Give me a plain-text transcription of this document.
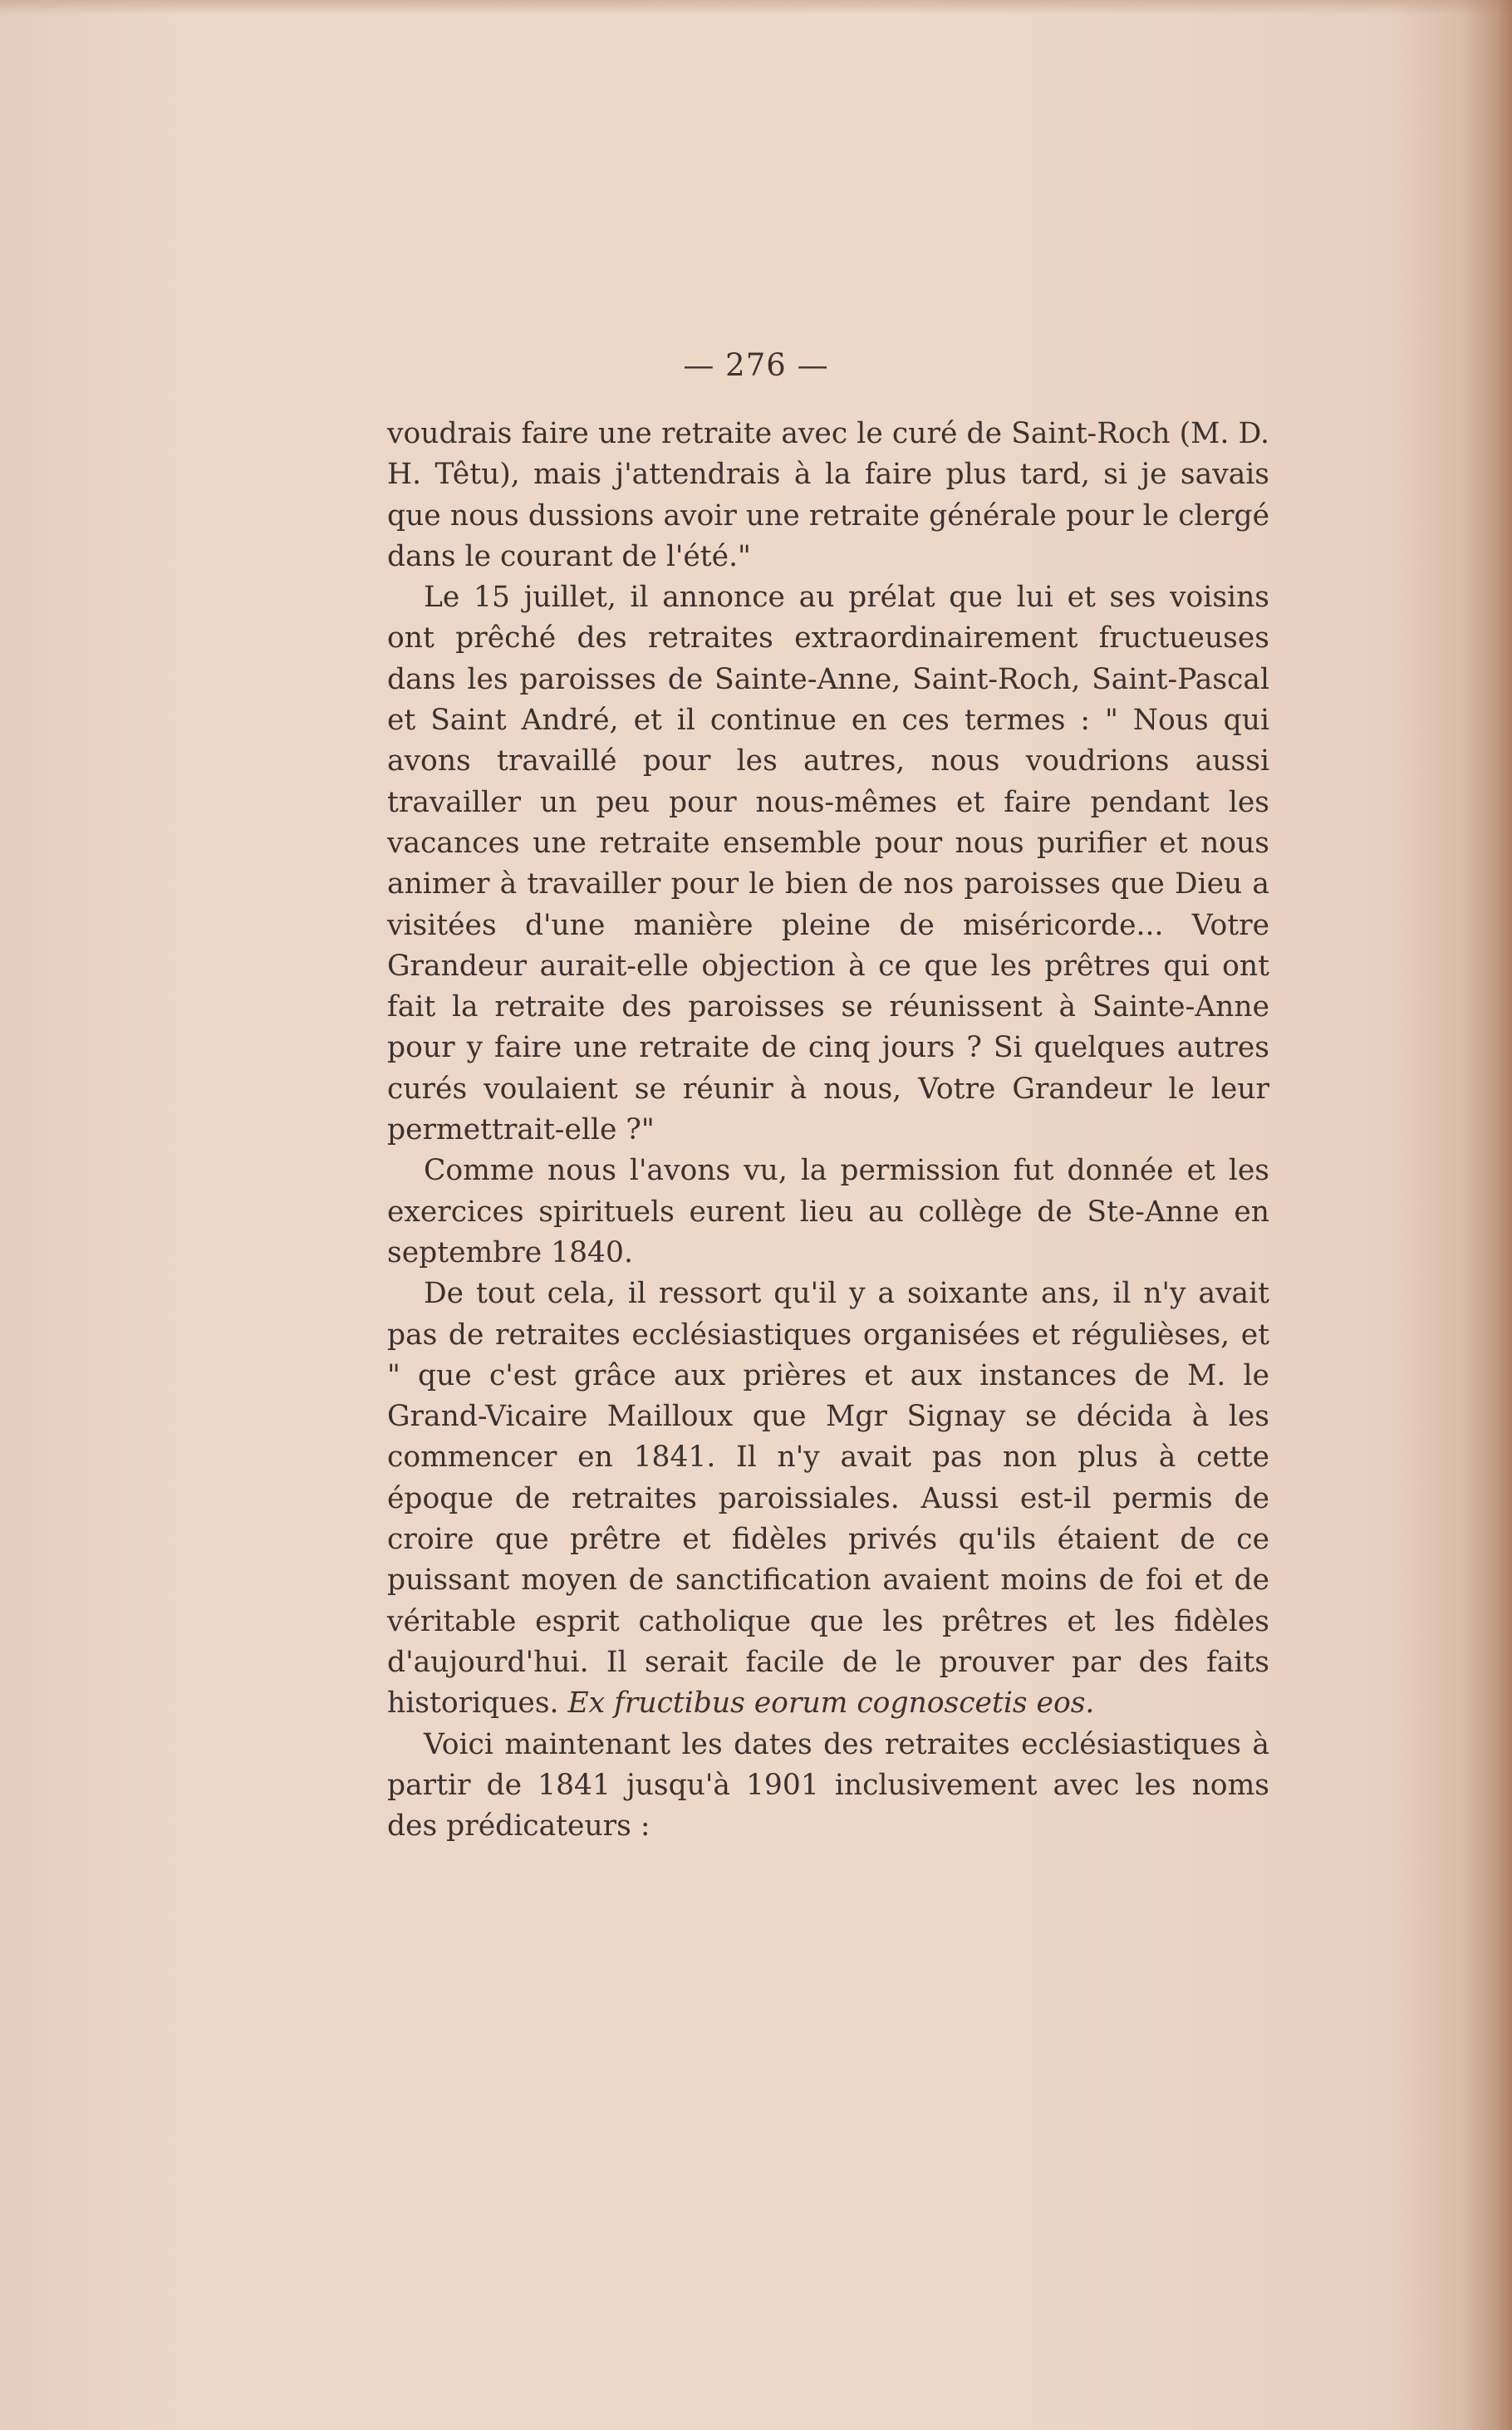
— 276 —

voudrais faire une retraite avec le curé de Saint-Roch (M. D. H. Têtu), mais j'attendrais à la faire plus tard, si je savais que nous dussions avoir une retraite générale pour le clergé dans le courant de l'été."

Le 15 juillet, il annonce au prélat que lui et ses voisins ont prêché des retraites extraordinairement fructueuses dans les paroisses de Sainte-Anne, Saint-Roch, Saint-Pascal et Saint André, et il continue en ces termes : " Nous qui avons travaillé pour les autres, nous voudrions aussi travailler un peu pour nous-mêmes et faire pendant les vacances une retraite ensemble pour nous purifier et nous animer à travailler pour le bien de nos paroisses que Dieu a visitées d'une manière pleine de miséricorde... Votre Grandeur aurait-elle objection à ce que les prêtres qui ont fait la retraite des paroisses se réunissent à Sainte-Anne pour y faire une retraite de cinq jours ? Si quelques autres curés voulaient se réunir à nous, Votre Grandeur le leur permettrait-elle ?"

Comme nous l'avons vu, la permission fut donnée et les exercices spirituels eurent lieu au collège de Ste-Anne en septembre 1840.

De tout cela, il ressort qu'il y a soixante ans, il n'y avait pas de retraites ecclésiastiques organisées et régulièses, et " que c'est grâce aux prières et aux instances de M. le Grand-Vicaire Mailloux que Mgr Signay se décida à les commencer en 1841. Il n'y avait pas non plus à cette époque de retraites paroissiales. Aussi est-il permis de croire que prêtre et fidèles privés qu'ils étaient de ce puissant moyen de sanctification avaient moins de foi et de véritable esprit catholique que les prêtres et les fidèles d'aujourd'hui. Il serait facile de le prouver par des faits historiques. Ex fructibus eorum cognoscetis eos.

Voici maintenant les dates des retraites ecclésiastiques à partir de 1841 jusqu'à 1901 inclusivement avec les noms des prédicateurs :
